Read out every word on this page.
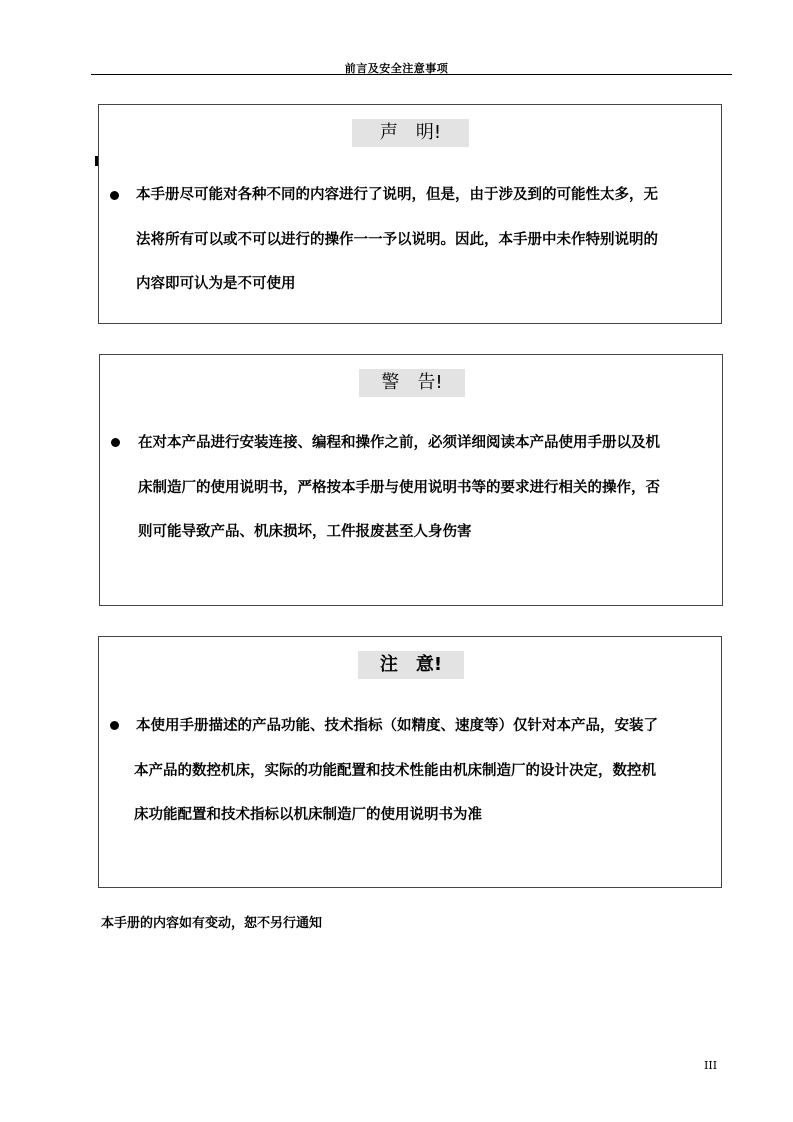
前言及安全注意事项
声　明!
本手册尽可能对各种不同的内容进行了说明，但是，由于涉及到的可能性太多，无
法将所有可以或不可以进行的操作一一予以说明。因此，本手册中未作特别说明的
内容即可认为是不可使用
警　告!
在对本产品进行安装连接、编程和操作之前，必须详细阅读本产品使用手册以及机
床制造厂的使用说明书，严格按本手册与使用说明书等的要求进行相关的操作，否
则可能导致产品、机床损坏，工件报废甚至人身伤害
注　意!
本使用手册描述的产品功能、技术指标（如精度、速度等）仅针对本产品，安装了
本产品的数控机床，实际的功能配置和技术性能由机床制造厂的设计决定，数控机
床功能配置和技术指标以机床制造厂的使用说明书为准
本手册的内容如有变动，恕不另行通知
III
